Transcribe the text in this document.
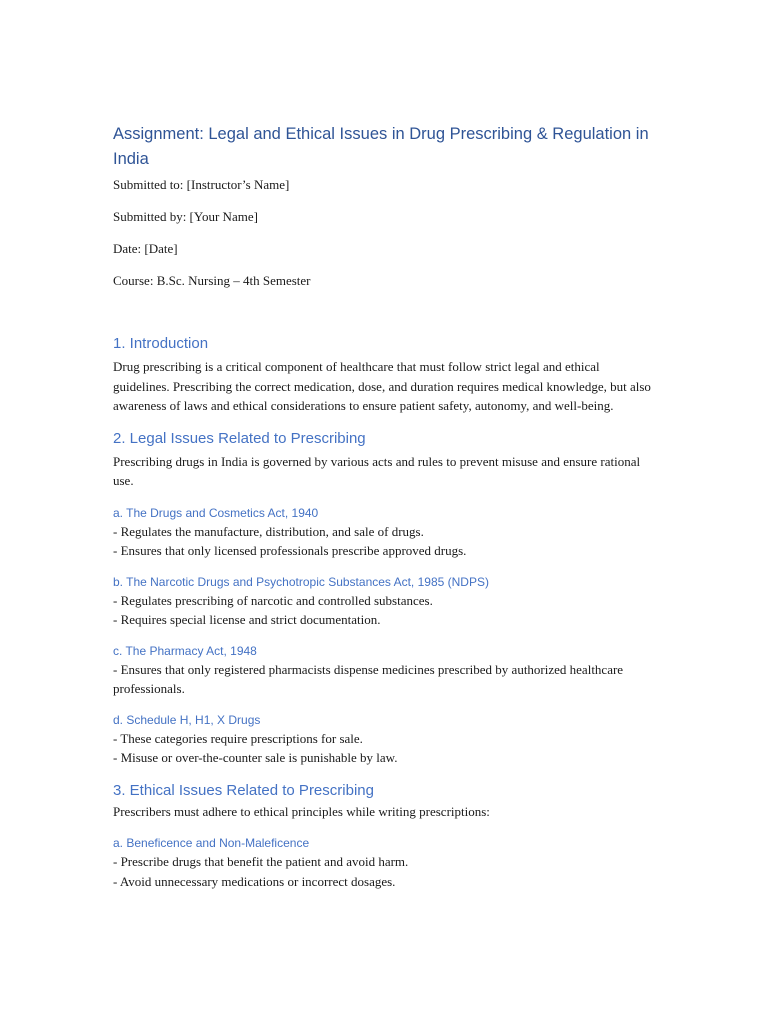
Assignment: Legal and Ethical Issues in Drug Prescribing & Regulation in India

Submitted to: [Instructor’s Name]

Submitted by: [Your Name]

Date: [Date]

Course: B.Sc. Nursing – 4th Semester

1. Introduction

Drug prescribing is a critical component of healthcare that must follow strict legal and ethical guidelines. Prescribing the correct medication, dose, and duration requires medical knowledge, but also awareness of laws and ethical considerations to ensure patient safety, autonomy, and well-being.

2. Legal Issues Related to Prescribing

Prescribing drugs in India is governed by various acts and rules to prevent misuse and ensure rational use.

a. The Drugs and Cosmetics Act, 1940

- Regulates the manufacture, distribution, and sale of drugs.

- Ensures that only licensed professionals prescribe approved drugs.

b. The Narcotic Drugs and Psychotropic Substances Act, 1985 (NDPS)

- Regulates prescribing of narcotic and controlled substances.

- Requires special license and strict documentation.

c. The Pharmacy Act, 1948

- Ensures that only registered pharmacists dispense medicines prescribed by authorized healthcare professionals.

d. Schedule H, H1, X Drugs

- These categories require prescriptions for sale.

- Misuse or over-the-counter sale is punishable by law.

3. Ethical Issues Related to Prescribing

Prescribers must adhere to ethical principles while writing prescriptions:

a. Beneficence and Non-Maleficence

- Prescribe drugs that benefit the patient and avoid harm.

- Avoid unnecessary medications or incorrect dosages.
